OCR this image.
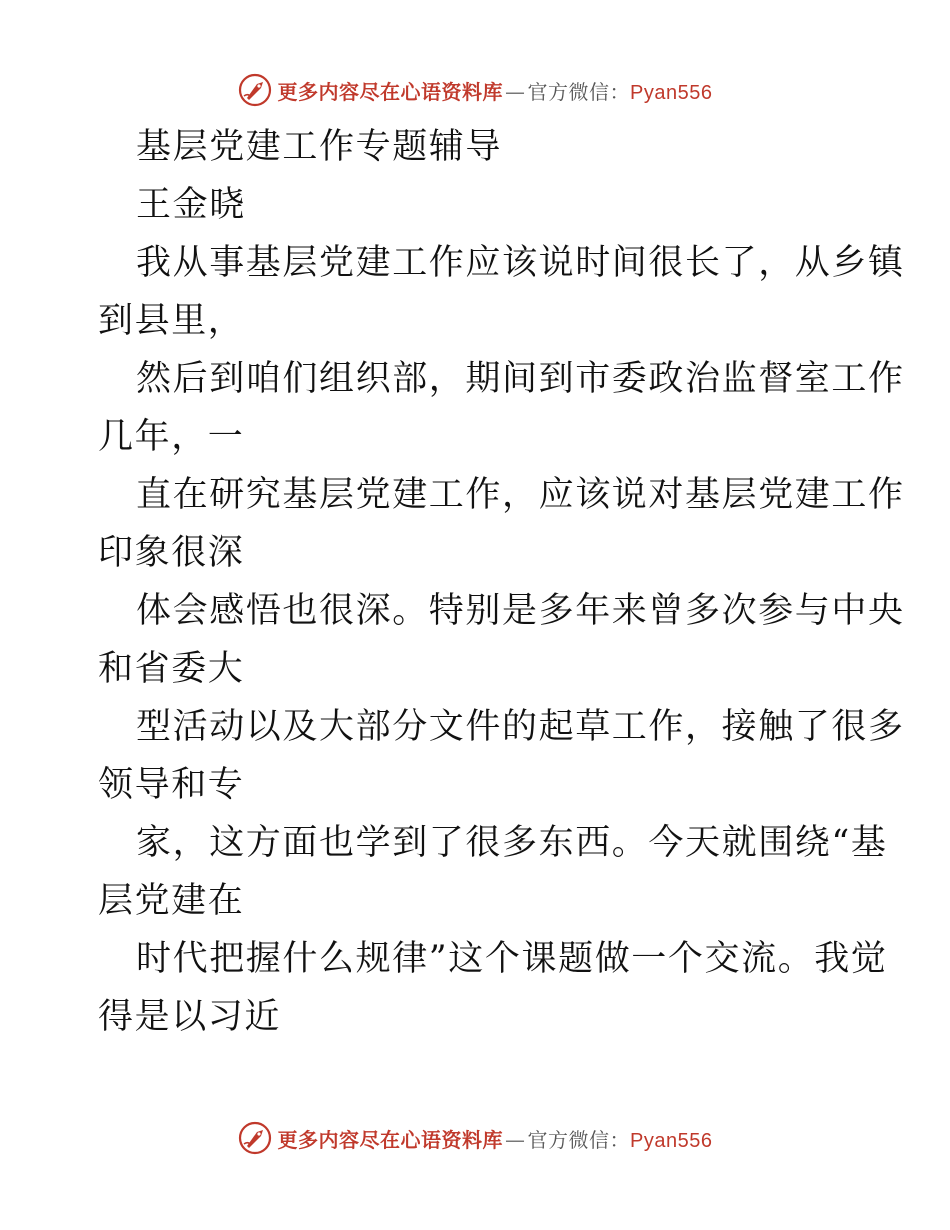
更多内容尽在心语资料库 — 官方微信： Pyan556
基层党建工作专题辅导
王金晓
我从事基层党建工作应该说时间很长了，从乡镇
到县里，
然后到咱们组织部，期间到市委政治监督室工作
几年，一
直在研究基层党建工作，应该说对基层党建工作
印象很深
体会感悟也很深。特别是多年来曾多次参与中央
和省委大
型活动以及大部分文件的起草工作，接触了很多
领导和专
家，这方面也学到了很多东西。今天就围绕“基
层党建在
时代把握什么规律”这个课题做一个交流。我觉
得是以习近
更多内容尽在心语资料库 — 官方微信： Pyan556
